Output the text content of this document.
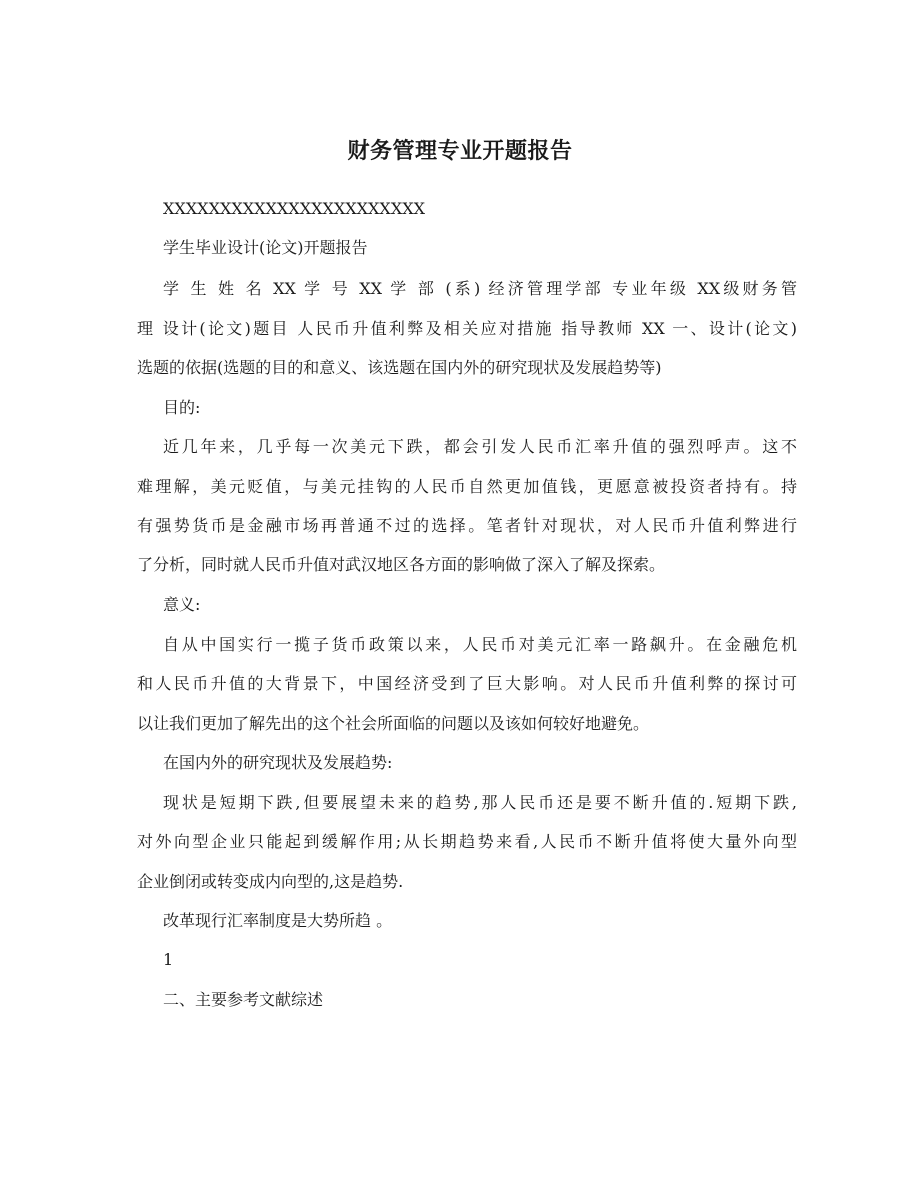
财务管理专业开题报告
XXXXXXXXXXXXXXXXXXXXXXX
学生毕业设计(论文)开题报告
学 生 姓 名 XX 学 号 XX 学 部 (系) 经济管理学部 专业年级 XX级财务管
理 设计(论文)题目 人民币升值利弊及相关应对措施 指导教师 XX 一、设计(论文)
选题的依据(选题的目的和意义、该选题在国内外的研究现状及发展趋势等)
目的:
近几年来，几乎每一次美元下跌，都会引发人民币汇率升值的强烈呼声。这不
难理解，美元贬值，与美元挂钩的人民币自然更加值钱，更愿意被投资者持有。持
有强势货币是金融市场再普通不过的选择。笔者针对现状，对人民币升值利弊进行
了分析，同时就人民币升值对武汉地区各方面的影响做了深入了解及探索。
意义:
自从中国实行一揽子货币政策以来，人民币对美元汇率一路飙升。在金融危机
和人民币升值的大背景下，中国经济受到了巨大影响。对人民币升值利弊的探讨可
以让我们更加了解先出的这个社会所面临的问题以及该如何较好地避免。
在国内外的研究现状及发展趋势:
现状是短期下跌,但要展望未来的趋势,那人民币还是要不断升值的.短期下跌,
对外向型企业只能起到缓解作用;从长期趋势来看,人民币不断升值将使大量外向型
企业倒闭或转变成内向型的,这是趋势.
改革现行汇率制度是大势所趋 。
1
二、主要参考文献综述
